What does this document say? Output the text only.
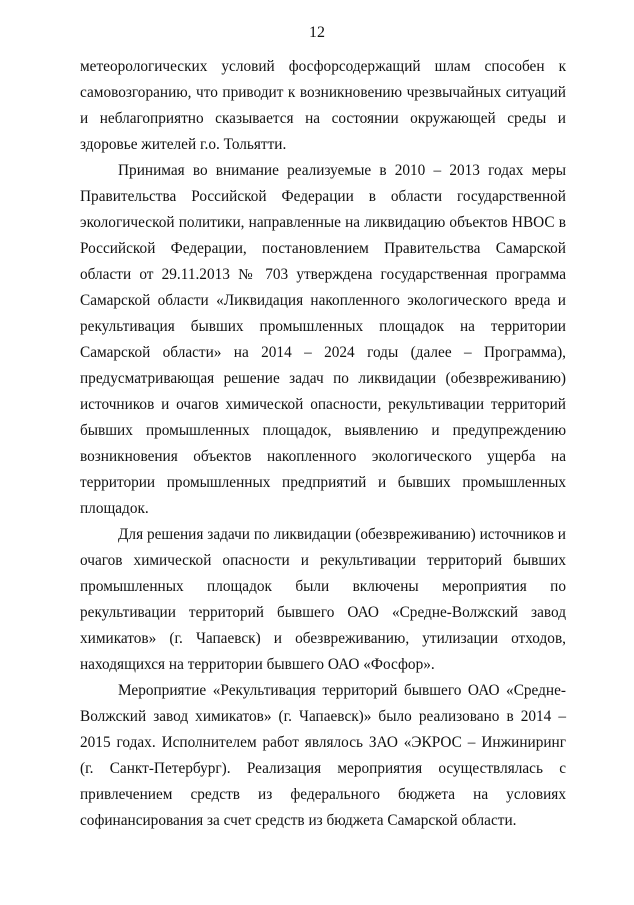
12

метеорологических условий фосфорсодержащий шлам способен к самовозгоранию, что приводит к возникновению чрезвычайных ситуаций и неблагоприятно сказывается на состоянии окружающей среды и здоровье жителей г.о. Тольятти.

Принимая во внимание реализуемые в 2010 – 2013 годах меры Правительства Российской Федерации в области государственной экологической политики, направленные на ликвидацию объектов НВОС в Российской Федерации, постановлением Правительства Самарской области от 29.11.2013 № 703 утверждена государственная программа Самарской области «Ликвидация накопленного экологического вреда и рекультивация бывших промышленных площадок на территории Самарской области» на 2014 – 2024 годы (далее – Программа), предусматривающая решение задач по ликвидации (обезвреживанию) источников и очагов химической опасности, рекультивации территорий бывших промышленных площадок, выявлению и предупреждению возникновения объектов накопленного экологического ущерба на территории промышленных предприятий и бывших промышленных площадок.

Для решения задачи по ликвидации (обезвреживанию) источников и очагов химической опасности и рекультивации территорий бывших промышленных площадок были включены мероприятия по рекультивации территорий бывшего ОАО «Средне-Волжский завод химикатов» (г. Чапаевск) и обезвреживанию, утилизации отходов, находящихся на территории бывшего ОАО «Фосфор».

Мероприятие «Рекультивация территорий бывшего ОАО «Средне-Волжский завод химикатов» (г. Чапаевск)» было реализовано в 2014 – 2015 годах. Исполнителем работ являлось ЗАО «ЭКРОС – Инжиниринг (г. Санкт-Петербург). Реализация мероприятия осуществлялась с привлечением средств из федерального бюджета на условиях софинансирования за счет средств из бюджета Самарской области.
